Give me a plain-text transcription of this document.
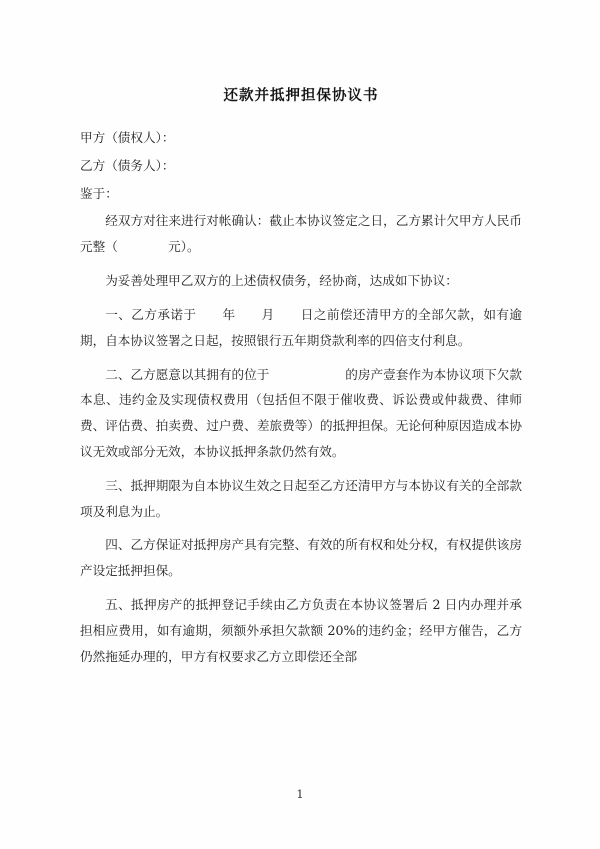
还款并抵押担保协议书

甲方（债权人）：

乙方（债务人）：

鉴于：

经双方对往来进行对帐确认：截止本协议签定之日，乙方累计欠甲方人民币　　　　　元整（　　　　元）。

为妥善处理甲乙双方的上述债权债务，经协商，达成如下协议：

一、乙方承诺于　　年　　月　　日之前偿还清甲方的全部欠款，如有逾期，自本协议签署之日起，按照银行五年期贷款利率的四倍支付利息。

二、乙方愿意以其拥有的位于　　　　　　的房产壹套作为本协议项下欠款本息、违约金及实现债权费用（包括但不限于催收费、诉讼费或仲裁费、律师费、评估费、拍卖费、过户费、差旅费等）的抵押担保。无论何种原因造成本协议无效或部分无效，本协议抵押条款仍然有效。

三、抵押期限为自本协议生效之日起至乙方还清甲方与本协议有关的全部款项及利息为止。

四、乙方保证对抵押房产具有完整、有效的所有权和处分权，有权提供该房产设定抵押担保。

五、抵押房产的抵押登记手续由乙方负责在本协议签署后 2 日内办理并承担相应费用，如有逾期，须额外承担欠款额 20%的违约金；经甲方催告，乙方仍然拖延办理的，甲方有权要求乙方立即偿还全部

1
